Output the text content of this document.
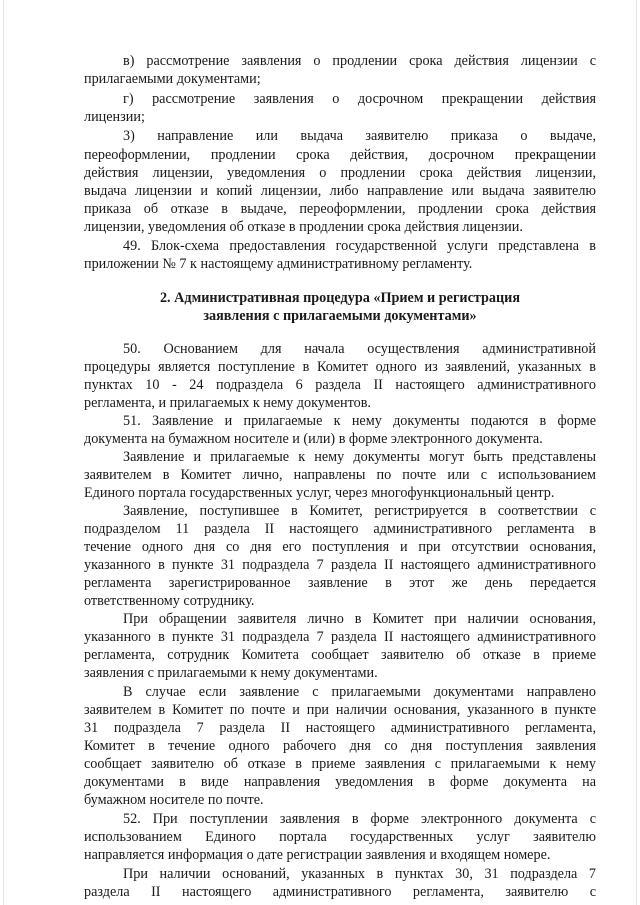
в) рассмотрение заявления о продлении срока действия лицензии с
прилагаемыми документами;
г) рассмотрение заявления о досрочном прекращении действия
лицензии;
3) направление или выдача заявителю приказа о выдаче,
переоформлении, продлении срока действия, досрочном прекращении
действия лицензии, уведомления о продлении срока действия лицензии,
выдача лицензии и копий лицензии, либо направление или выдача заявителю
приказа об отказе в выдаче, переоформлении, продлении срока действия
лицензии, уведомления об отказе в продлении срока действия лицензии.
49. Блок-схема предоставления государственной услуги представлена в
приложении № 7 к настоящему административному регламенту.
2. Административная процедура «Прием и регистрация
заявления с прилагаемыми документами»
50. Основанием для начала осуществления административной
процедуры является поступление в Комитет одного из заявлений, указанных в
пунктах 10 - 24 подраздела 6 раздела II настоящего административного
регламента, и прилагаемых к нему документов.
51. Заявление и прилагаемые к нему документы подаются в форме
документа на бумажном носителе и (или) в форме электронного документа.
Заявление и прилагаемые к нему документы могут быть представлены
заявителем в Комитет лично, направлены по почте или с использованием
Единого портала государственных услуг, через многофункциональный центр.
Заявление, поступившее в Комитет, регистрируется в соответствии с
подразделом 11 раздела II настоящего административного регламента в
течение одного дня со дня его поступления и при отсутствии основания,
указанного в пункте 31 подраздела 7 раздела II настоящего административного
регламента зарегистрированное заявление в этот же день передается
ответственному сотруднику.
При обращении заявителя лично в Комитет при наличии основания,
указанного в пункте 31 подраздела 7 раздела II настоящего административного
регламента, сотрудник Комитета сообщает заявителю об отказе в приеме
заявления с прилагаемыми к нему документами.
В случае если заявление с прилагаемыми документами направлено
заявителем в Комитет по почте и при наличии основания, указанного в пункте
31 подраздела 7 раздела II настоящего административного регламента,
Комитет в течение одного рабочего дня со дня поступления заявления
сообщает заявителю об отказе в приеме заявления с прилагаемыми к нему
документами в виде направления уведомления в форме документа на
бумажном носителе по почте.
52. При поступлении заявления в форме электронного документа с
использованием Единого портала государственных услуг заявителю
направляется информация о дате регистрации заявления и входящем номере.
При наличии оснований, указанных в пунктах 30, 31 подраздела 7
раздела II настоящего административного регламента, заявителю с
